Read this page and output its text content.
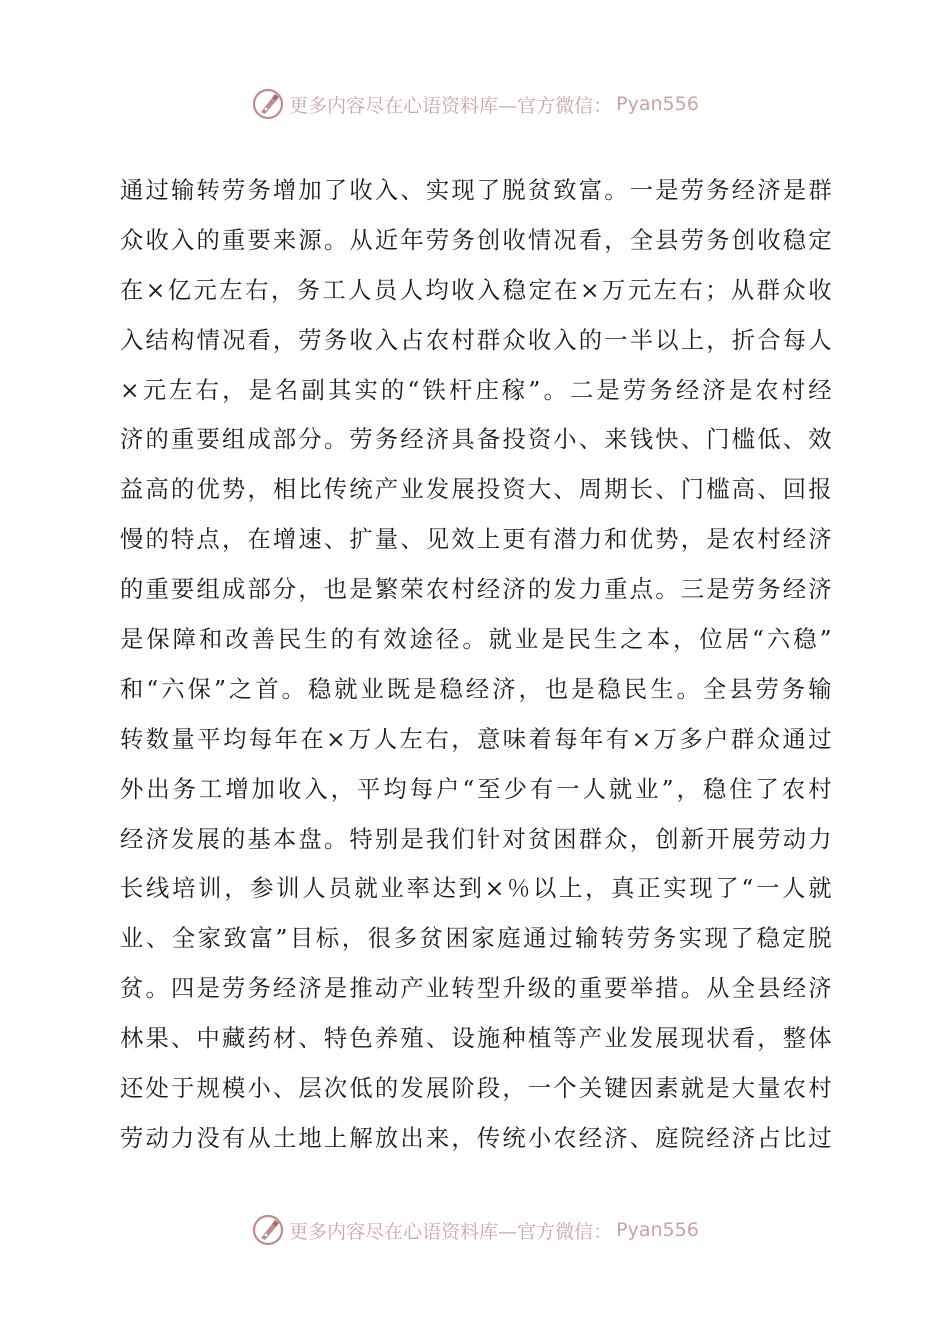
更多内容尽在心语资料库—官方微信： Pyan556
通过输转劳务增加了收入、实现了脱贫致富。一是劳务经济是群
众收入的重要来源。从近年劳务创收情况看，全县劳务创收稳定
在×亿元左右，务工人员人均收入稳定在×万元左右；从群众收
入结构情况看，劳务收入占农村群众收入的一半以上，折合每人
×元左右，是名副其实的“铁杆庄稼”。二是劳务经济是农村经
济的重要组成部分。劳务经济具备投资小、来钱快、门槛低、效
益高的优势，相比传统产业发展投资大、周期长、门槛高、回报
慢的特点，在增速、扩量、见效上更有潜力和优势，是农村经济
的重要组成部分，也是繁荣农村经济的发力重点。三是劳务经济
是保障和改善民生的有效途径。就业是民生之本，位居“六稳”
和“六保”之首。稳就业既是稳经济，也是稳民生。全县劳务输
转数量平均每年在×万人左右，意味着每年有×万多户群众通过
外出务工增加收入，平均每户“至少有一人就业”，稳住了农村
经济发展的基本盘。特别是我们针对贫困群众，创新开展劳动力
长线培训，参训人员就业率达到×％以上，真正实现了“一人就
业、全家致富”目标，很多贫困家庭通过输转劳务实现了稳定脱
贫。四是劳务经济是推动产业转型升级的重要举措。从全县经济
林果、中藏药材、特色养殖、设施种植等产业发展现状看，整体
还处于规模小、层次低的发展阶段，一个关键因素就是大量农村
劳动力没有从土地上解放出来，传统小农经济、庭院经济占比过
更多内容尽在心语资料库—官方微信： Pyan556
